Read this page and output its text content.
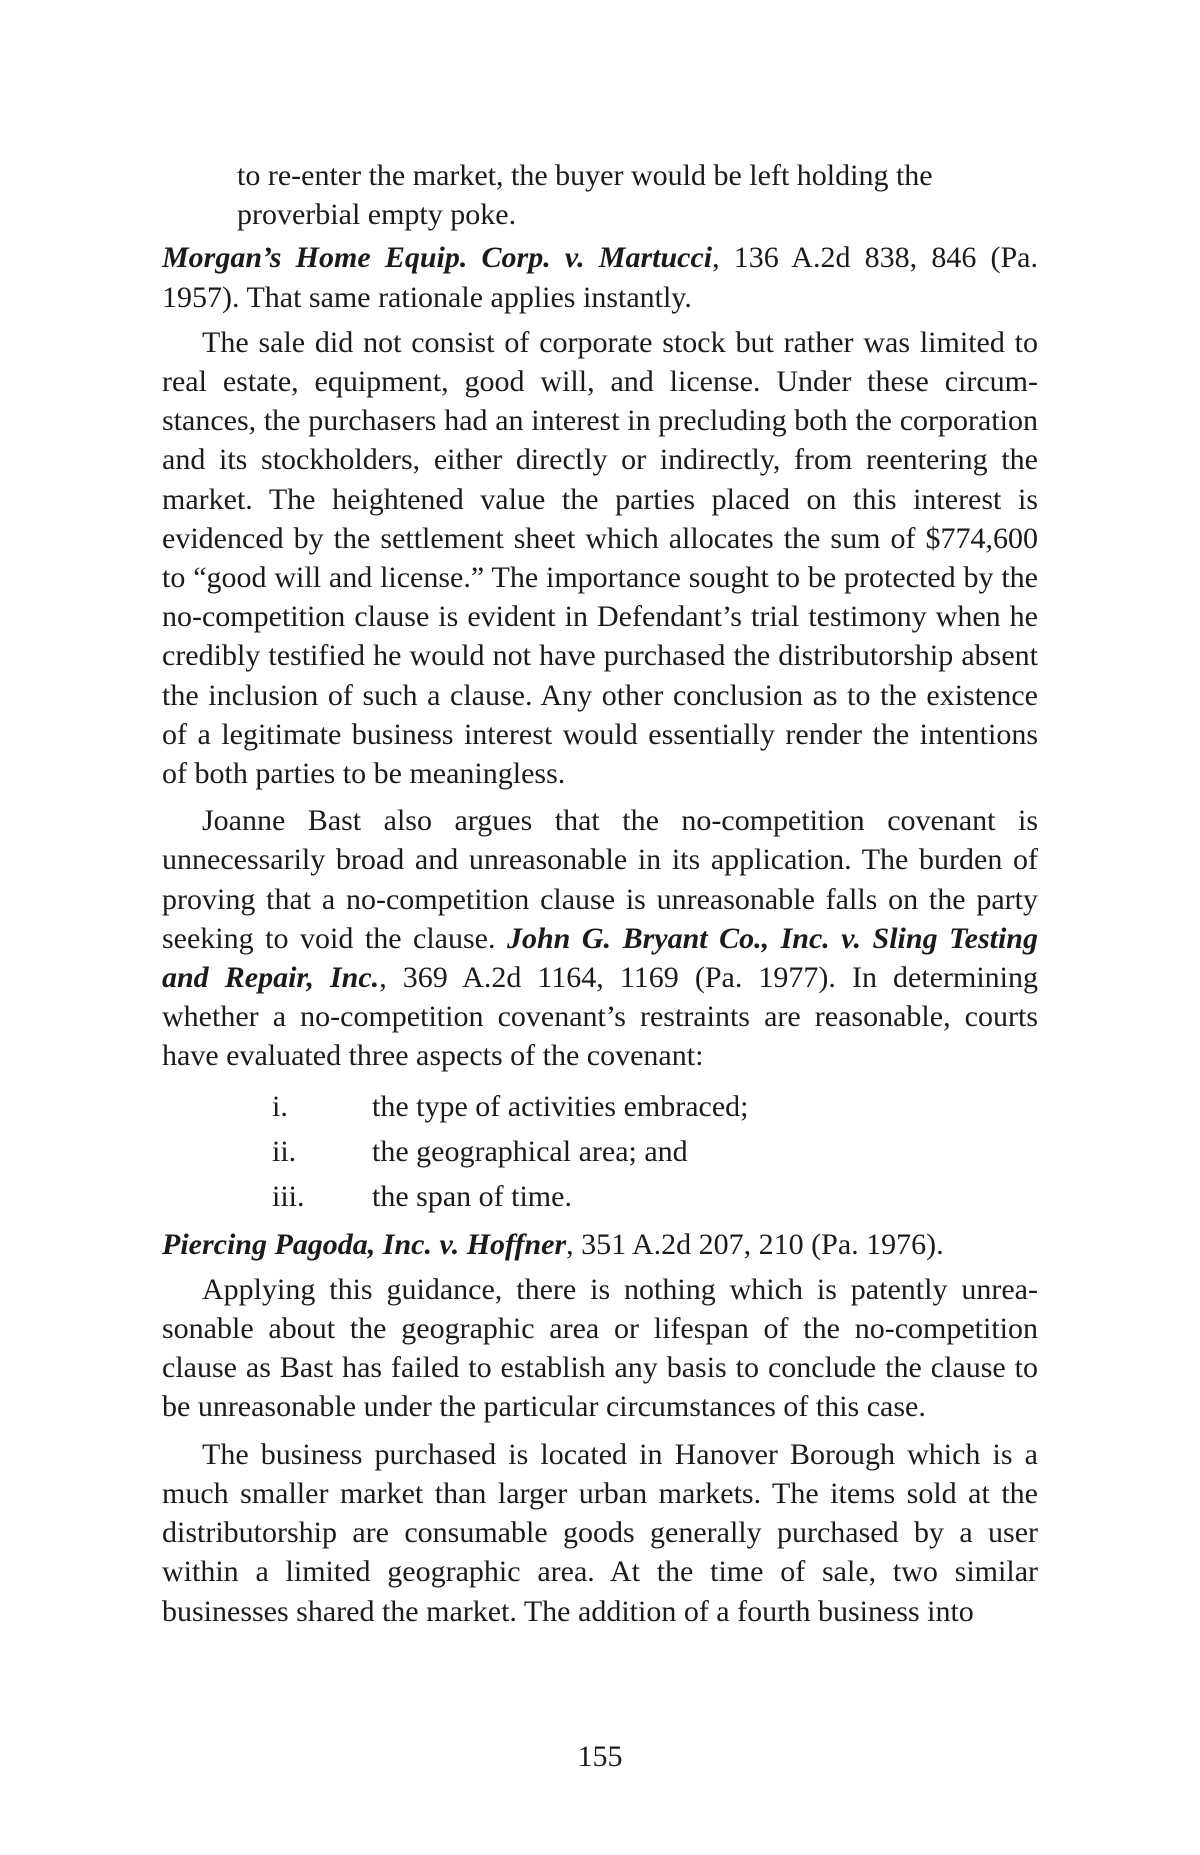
to re-enter the market, the buyer would be left holding the proverbial empty poke.

Morgan’s Home Equip. Corp. v. Martucci, 136 A.2d 838, 846 (Pa. 1957). That same rationale applies instantly.

The sale did not consist of corporate stock but rather was limited to real estate, equipment, good will, and license. Under these circumstances, the purchasers had an interest in precluding both the corporation and its stockholders, either directly or indirectly, from reentering the market. The heightened value the parties placed on this interest is evidenced by the settlement sheet which allocates the sum of $774,600 to “good will and license.” The importance sought to be protected by the no-competition clause is evident in Defendant’s trial testimony when he credibly testified he would not have purchased the distributorship absent the inclusion of such a clause. Any other conclusion as to the existence of a legitimate business interest would essentially render the intentions of both parties to be meaningless.

Joanne Bast also argues that the no-competition covenant is unnecessarily broad and unreasonable in its application. The burden of proving that a no-competition clause is unreasonable falls on the party seeking to void the clause. John G. Bryant Co., Inc. v. Sling Testing and Repair, Inc., 369 A.2d 1164, 1169 (Pa. 1977). In determining whether a no-competition covenant’s restraints are reasonable, courts have evaluated three aspects of the covenant:

i.	the type of activities embraced;
ii.	the geographical area; and
iii.	the span of time.

Piercing Pagoda, Inc. v. Hoffner, 351 A.2d 207, 210 (Pa. 1976).

Applying this guidance, there is nothing which is patently unreasonable about the geographic area or lifespan of the no-competition clause as Bast has failed to establish any basis to conclude the clause to be unreasonable under the particular circumstances of this case.

The business purchased is located in Hanover Borough which is a much smaller market than larger urban markets. The items sold at the distributorship are consumable goods generally purchased by a user within a limited geographic area. At the time of sale, two similar businesses shared the market. The addition of a fourth business into

155
